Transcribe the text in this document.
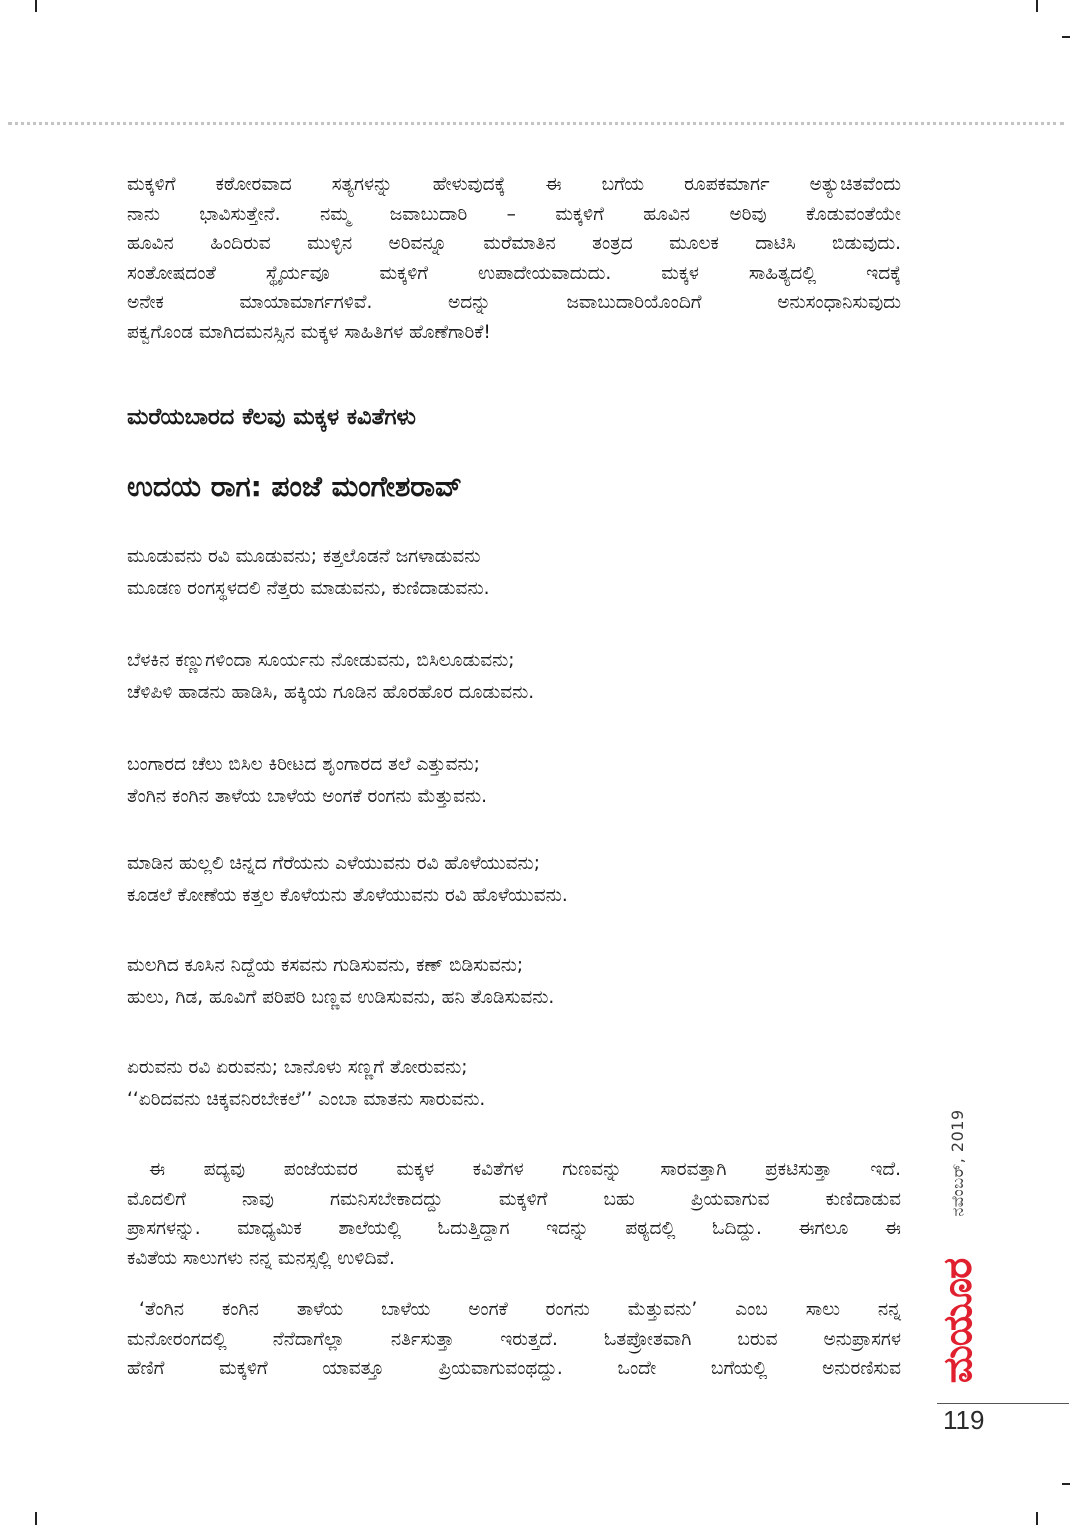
ಮಕ್ಕಳಿಗೆ ಕಠೋರವಾದ ಸತ್ಯಗಳನ್ನು ಹೇಳುವುದಕ್ಕೆ ಈ ಬಗೆಯ ರೂಪಕಮಾರ್ಗ ಅತ್ಯುಚಿತವೆಂದು
ನಾನು ಭಾವಿಸುತ್ತೇನೆ. ನಮ್ಮ ಜವಾಬುದಾರಿ – ಮಕ್ಕಳಿಗೆ ಹೂವಿನ ಅರಿವು ಕೊಡುವಂತೆಯೇ
ಹೂವಿನ ಹಿಂದಿರುವ ಮುಳ್ಳಿನ ಅರಿವನ್ನೂ ಮರೆಮಾತಿನ ತಂತ್ರದ ಮೂಲಕ ದಾಟಿಸಿ ಬಿಡುವುದು.
ಸಂತೋಷದಂತೆ ಸ್ಥೈರ್ಯವೂ ಮಕ್ಕಳಿಗೆ ಉಪಾದೇಯವಾದುದು. ಮಕ್ಕಳ ಸಾಹಿತ್ಯದಲ್ಲಿ ಇದಕ್ಕೆ
ಅನೇಕ ಮಾಯಾಮಾರ್ಗಗಳಿವೆ. ಅದನ್ನು ಜವಾಬುದಾರಿಯೊಂದಿಗೆ ಅನುಸಂಧಾನಿಸುವುದು
ಪಕ್ವಗೊಂಡ ಮಾಗಿದಮನಸ್ಸಿನ ಮಕ್ಕಳ ಸಾಹಿತಿಗಳ ಹೊಣೆಗಾರಿಕೆ!

ಮರೆಯಬಾರದ ಕೆಲವು ಮಕ್ಕಳ ಕವಿತೆಗಳು
ಉದಯ ರಾಗ: ಪಂಜೆ ಮಂಗೇಶರಾವ್

ಮೂಡುವನು ರವಿ ಮೂಡುವನು; ಕತ್ತಲೊಡನೆ ಜಗಳಾಡುವನು
ಮೂಡಣ ರಂಗಸ್ಥಳದಲಿ ನೆತ್ತರು ಮಾಡುವನು, ಕುಣಿದಾಡುವನು.

ಬೆಳಕಿನ ಕಣ್ಣುಗಳಿಂದಾ ಸೂರ್ಯನು ನೋಡುವನು, ಬಿಸಿಲೂಡುವನು;
ಚೆಳಿಪಿಳಿ ಹಾಡನು ಹಾಡಿಸಿ, ಹಕ್ಕಿಯ ಗೂಡಿನ ಹೊರಹೊರ ದೂಡುವನು.

ಬಂಗಾರದ ಚೆಲು ಬಿಸಿಲ ಕಿರೀಟದ ಶೃಂಗಾರದ ತಲೆ ಎತ್ತುವನು;
ತೆಂಗಿನ ಕಂಗಿನ ತಾಳೆಯ ಬಾಳೆಯ ಅಂಗಕೆ ರಂಗನು ಮೆತ್ತುವನು.

ಮಾಡಿನ ಹುಲ್ಲಲಿ ಚಿನ್ನದ ಗೆರೆಯನು ಎಳೆಯುವನು ರವಿ ಹೊಳೆಯುವನು;
ಕೂಡಲೆ ಕೋಣೆಯ ಕತ್ತಲ ಕೊಳೆಯನು ತೊಳೆಯುವನು ರವಿ ಹೊಳೆಯುವನು.

ಮಲಗಿದ ಕೂಸಿನ ನಿದ್ದೆಯ ಕಸವನು ಗುಡಿಸುವನು, ಕಣ್ ಬಿಡಿಸುವನು;
ಹುಲು, ಗಿಡ, ಹೂವಿಗೆ ಪರಿಪರಿ ಬಣ್ಣವ ಉಡಿಸುವನು, ಹನಿ ತೊಡಿಸುವನು.

ಏರುವನು ರವಿ ಏರುವನು; ಬಾನೊಳು ಸಣ್ಣಗೆ ತೋರುವನು;
‘‘ಏರಿದವನು ಚಿಕ್ಕವನಿರಬೇಕಲೆ’’ ಎಂಬಾ ಮಾತನು ಸಾರುವನು.

ಈ ಪದ್ಯವು ಪಂಜೆಯವರ ಮಕ್ಕಳ ಕವಿತೆಗಳ ಗುಣವನ್ನು ಸಾರವತ್ತಾಗಿ ಪ್ರಕಟಿಸುತ್ತಾ ಇದೆ.
ಮೊದಲಿಗೆ ನಾವು ಗಮನಿಸಬೇಕಾದದ್ದು ಮಕ್ಕಳಿಗೆ ಬಹು ಪ್ರಿಯವಾಗುವ ಕುಣಿದಾಡುವ
ಪ್ರಾಸಗಳನ್ನು. ಮಾಧ್ಯಮಿಕ ಶಾಲೆಯಲ್ಲಿ ಓದುತ್ತಿದ್ದಾಗ ಇದನ್ನು ಪಠ್ಯದಲ್ಲಿ ಓದಿದ್ದು. ಈಗಲೂ ಈ
ಕವಿತೆಯ ಸಾಲುಗಳು ನನ್ನ ಮನಸ್ಸಲ್ಲಿ ಉಳಿದಿವೆ.

‘ತೆಂಗಿನ ಕಂಗಿನ ತಾಳೆಯ ಬಾಳೆಯ ಅಂಗಕೆ ರಂಗನು ಮೆತ್ತುವನು’ ಎಂಬ ಸಾಲು ನನ್ನ
ಮನೋರಂಗದಲ್ಲಿ ನೆನೆದಾಗೆಲ್ಲಾ ನರ್ತಿಸುತ್ತಾ ಇರುತ್ತದೆ. ಓತಪ್ರೋತವಾಗಿ ಬರುವ ಅನುಪ್ರಾಸಗಳ
ಹೆಣಿಗೆ ಮಕ್ಕಳಿಗೆ ಯಾವತ್ತೂ ಪ್ರಿಯವಾಗುವಂಥದ್ದು. ಒಂದೇ ಬಗೆಯಲ್ಲಿ ಅನುರಣಿಸುವ

ನವೆಂಬರ್, 2019
ಮಯೂರ
119
